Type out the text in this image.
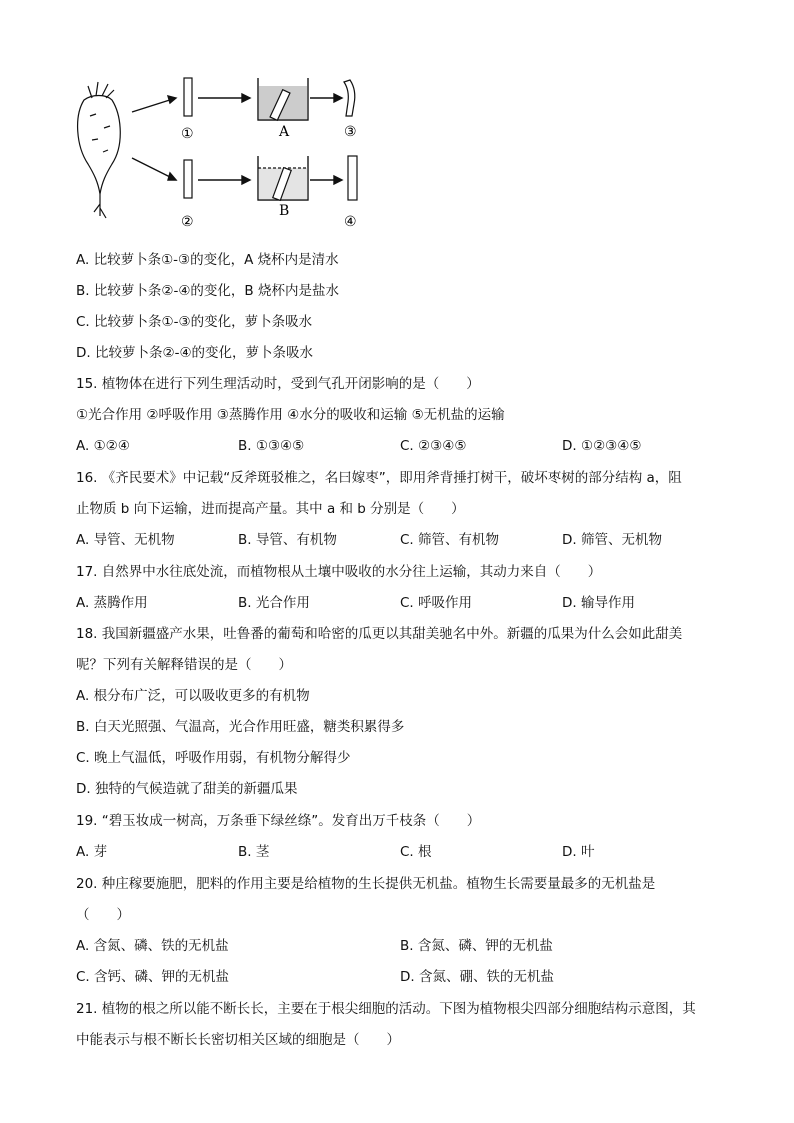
①
②
A
B
③
④
A. 比较萝卜条①-③的变化，A 烧杯内是清水
B. 比较萝卜条②-④的变化，B 烧杯内是盐水
C. 比较萝卜条①-③的变化，萝卜条吸水
D. 比较萝卜条②-④的变化，萝卜条吸水
15. 植物体在进行下列生理活动时，受到气孔开闭影响的是（　　）
①光合作用 ②呼吸作用 ③蒸腾作用 ④水分的吸收和运输 ⑤无机盐的运输
A. ①②④	B. ①③④⑤	C. ②③④⑤	D. ①②③④⑤
16. 《齐民要术》中记载“反斧斑驳椎之，名曰嫁枣”，即用斧背捶打树干，破坏枣树的部分结构 a，阻
止物质 b 向下运输，进而提高产量。其中 a 和 b 分别是（　　）
A. 导管、无机物	B. 导管、有机物	C. 筛管、有机物	D. 筛管、无机物
17. 自然界中水往底处流，而植物根从土壤中吸收的水分往上运输，其动力来自（　　）
A. 蒸腾作用	B. 光合作用	C. 呼吸作用	D. 输导作用
18. 我国新疆盛产水果，吐鲁番的葡萄和哈密的瓜更以其甜美驰名中外。新疆的瓜果为什么会如此甜美
呢？下列有关解释错误的是（　　）
A. 根分布广泛，可以吸收更多的有机物
B. 白天光照强、气温高，光合作用旺盛，糖类积累得多
C. 晚上气温低，呼吸作用弱，有机物分解得少
D. 独特的气候造就了甜美的新疆瓜果
19. “碧玉妆成一树高，万条垂下绿丝绦”。发育出万千枝条（　　）
A. 芽	B. 茎	C. 根	D. 叶
20. 种庄稼要施肥，肥料的作用主要是给植物的生长提供无机盐。植物生长需要量最多的无机盐是
（　　）
A. 含氮、磷、铁的无机盐	B. 含氮、磷、钾的无机盐
C. 含钙、磷、钾的无机盐	D. 含氮、硼、铁的无机盐
21. 植物的根之所以能不断长长，主要在于根尖细胞的活动。下图为植物根尖四部分细胞结构示意图，其
中能表示与根不断长长密切相关区域的细胞是（　　）
